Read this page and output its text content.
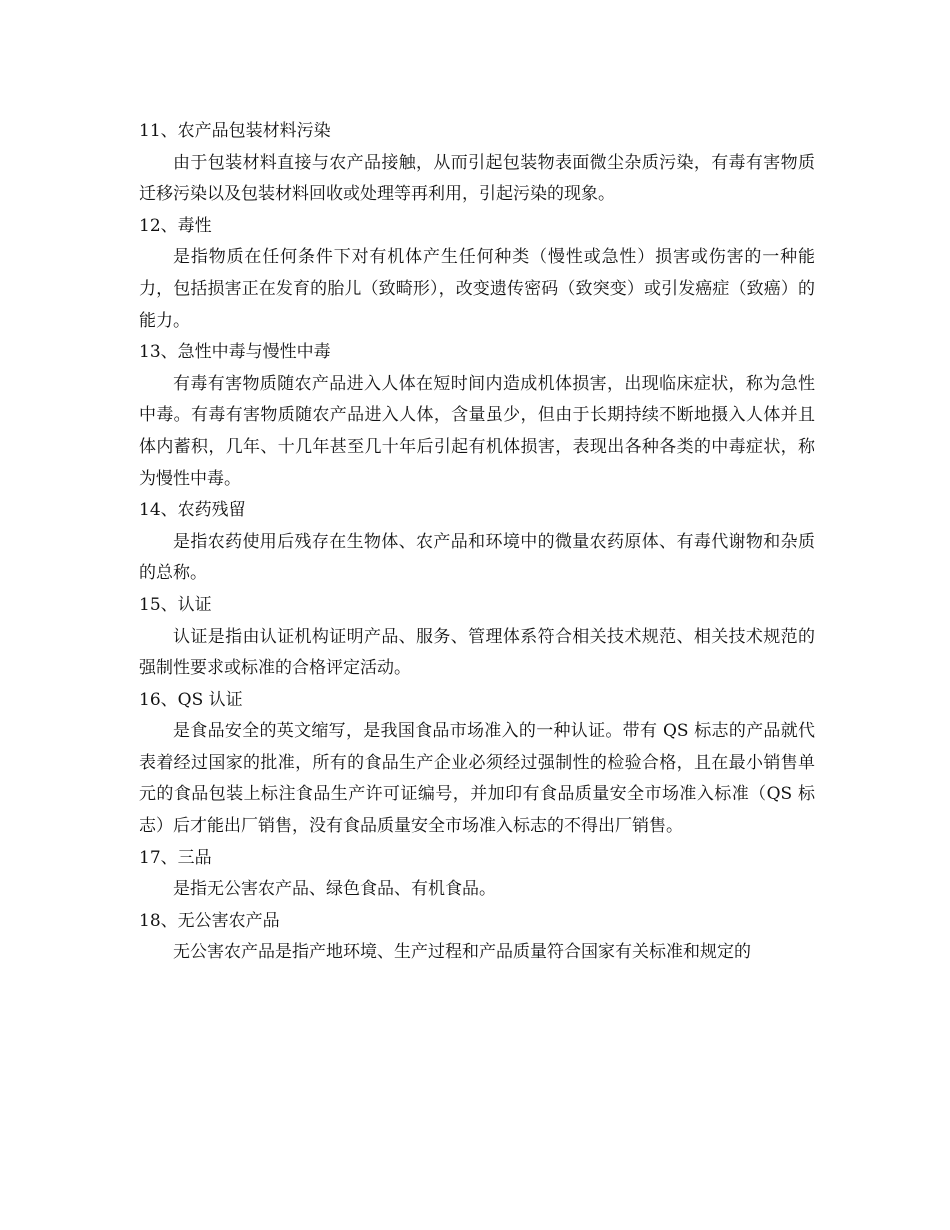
11、农产品包装材料污染

由于包装材料直接与农产品接触，从而引起包装物表面微尘杂质污染，有毒有害物质迁移污染以及包装材料回收或处理等再利用，引起污染的现象。

12、毒性

是指物质在任何条件下对有机体产生任何种类（慢性或急性）损害或伤害的一种能力，包括损害正在发育的胎儿（致畸形），改变遗传密码（致突变）或引发癌症（致癌）的能力。

13、急性中毒与慢性中毒

有毒有害物质随农产品进入人体在短时间内造成机体损害，出现临床症状，称为急性中毒。有毒有害物质随农产品进入人体，含量虽少，但由于长期持续不断地摄入人体并且体内蓄积，几年、十几年甚至几十年后引起有机体损害，表现出各种各类的中毒症状，称为慢性中毒。

14、农药残留

是指农药使用后残存在生物体、农产品和环境中的微量农药原体、有毒代谢物和杂质的总称。

15、认证

认证是指由认证机构证明产品、服务、管理体系符合相关技术规范、相关技术规范的强制性要求或标准的合格评定活动。

16、QS 认证

是食品安全的英文缩写，是我国食品市场准入的一种认证。带有 QS 标志的产品就代表着经过国家的批准，所有的食品生产企业必须经过强制性的检验合格，且在最小销售单元的食品包装上标注食品生产许可证编号，并加印有食品质量安全市场准入标准（QS 标志）后才能出厂销售，没有食品质量安全市场准入标志的不得出厂销售。

17、三品

是指无公害农产品、绿色食品、有机食品。

18、无公害农产品

无公害农产品是指产地环境、生产过程和产品质量符合国家有关标准和规定的
